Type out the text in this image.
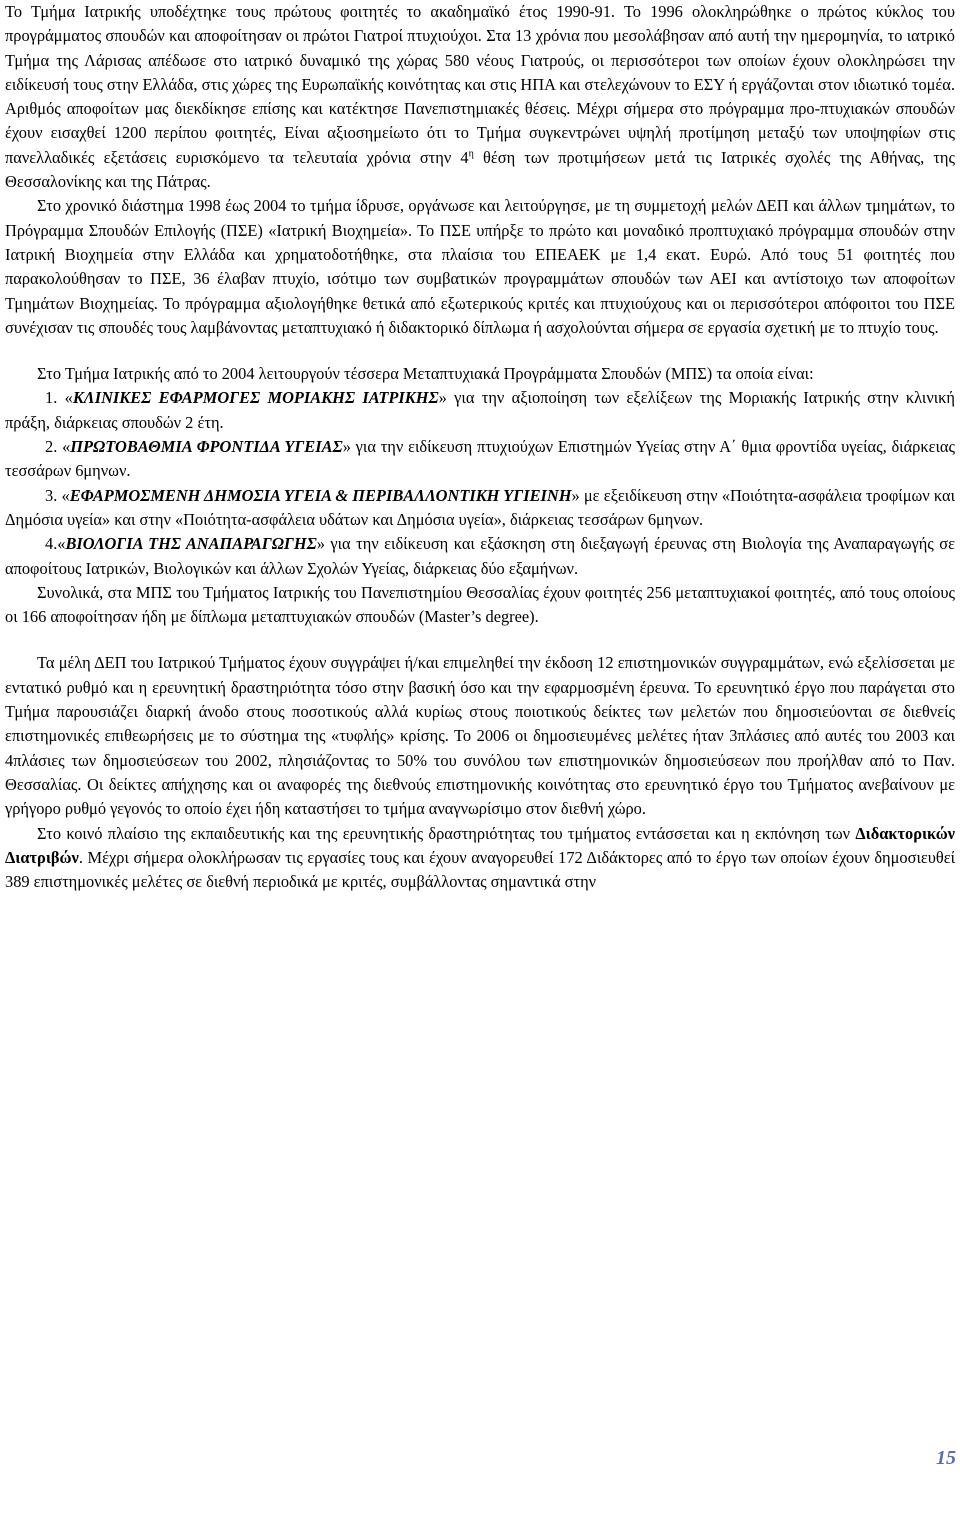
Το Τμήμα Ιατρικής υποδέχτηκε τους πρώτους φοιτητές το ακαδημαϊκό έτος 1990-91. Το 1996 ολοκληρώθηκε ο πρώτος κύκλος του προγράμματος σπουδών και αποφοίτησαν οι πρώτοι Γιατροί πτυχιούχοι. Στα 13 χρόνια που μεσολάβησαν από αυτή την ημερομηνία, το ιατρικό Τμήμα της Λάρισας απέδωσε στο ιατρικό δυναμικό της χώρας 580 νέους Γιατρούς, οι περισσότεροι των οποίων έχουν ολοκληρώσει την ειδίκευσή τους στην Ελλάδα, στις χώρες της Ευρωπαϊκής κοινότητας και στις ΗΠΑ και στελεχώνουν το ΕΣΥ ή εργάζονται στον ιδιωτικό τομέα. Αριθμός αποφοίτων μας διεκδίκησε επίσης και κατέκτησε Πανεπιστημιακές θέσεις. Μέχρι σήμερα στο πρόγραμμα προ-πτυχιακών σπουδών έχουν εισαχθεί 1200 περίπου φοιτητές, Είναι αξιοσημείωτο ότι το Τμήμα συγκεντρώνει υψηλή προτίμηση μεταξύ των υποψηφίων στις πανελλαδικές εξετάσεις ευρισκόμενο τα τελευταία χρόνια στην $4^\eta$ θέση των προτιμήσεων μετά τις Ιατρικές σχολές της Αθήνας, της Θεσσαλονίκης και της Πάτρας.

Στο χρονικό διάστημα 1998 έως 2004 το τμήμα ίδρυσε, οργάνωσε και λειτούργησε, με τη συμμετοχή μελών ΔΕΠ και άλλων τμημάτων, το Πρόγραμμα Σπουδών Επιλογής (ΠΣΕ) «Ιατρική Βιοχημεία». Το ΠΣΕ υπήρξε το πρώτο και μοναδικό προπτυχιακό πρόγραμμα σπουδών στην Ιατρική Βιοχημεία στην Ελλάδα και χρηματοδοτήθηκε, στα πλαίσια του ΕΠΕΑΕΚ με 1,4 εκατ. Ευρώ. Από τους 51 φοιτητές που παρακολούθησαν το ΠΣΕ, 36 έλαβαν πτυχίο, ισότιμο των συμβατικών προγραμμάτων σπουδών των ΑΕΙ και αντίστοιχο των αποφοίτων Τμημάτων Βιοχημείας. Το πρόγραμμα αξιολογήθηκε θετικά από εξωτερικούς κριτές και πτυχιούχους και οι περισσότεροι απόφοιτοι του ΠΣΕ συνέχισαν τις σπουδές τους λαμβάνοντας μεταπτυχιακό ή διδακτορικό δίπλωμα ή ασχολούνται σήμερα σε εργασία σχετική με το πτυχίο τους.

Στο Τμήμα Ιατρικής από το 2004 λειτουργούν τέσσερα Μεταπτυχιακά Προγράμματα Σπουδών (ΜΠΣ) τα οποία είναι:

1. «ΚΛΙΝΙΚΕΣ ΕΦΑΡΜΟΓΕΣ ΜΟΡΙΑΚΗΣ ΙΑΤΡΙΚΗΣ» για την αξιοποίηση των εξελίξεων της Μοριακής Ιατρικής στην κλινική πράξη, διάρκειας σπουδών 2 έτη.

2. «ΠΡΩΤΟΒΑΘΜΙΑ ΦΡΟΝΤΙΔΑ ΥΓΕΙΑΣ» για την ειδίκευση πτυχιούχων Επιστημών Υγείας στην Α΄ θμια φροντίδα υγείας, διάρκειας τεσσάρων 6μηνων.

3. «ΕΦΑΡΜΟΣΜΕΝΗ ΔΗΜΟΣΙΑ ΥΓΕΙΑ & ΠΕΡΙΒΑΛΛΟΝΤΙΚΗ ΥΓΙΕΙΝΗ» με εξειδίκευση στην «Ποιότητα-ασφάλεια τροφίμων και Δημόσια υγεία» και στην «Ποιότητα-ασφάλεια υδάτων και Δημόσια υγεία», διάρκειας τεσσάρων 6μηνων.

4.«ΒΙΟΛΟΓΙΑ ΤΗΣ ΑΝΑΠΑΡΑΓΩΓΗΣ» για την ειδίκευση και εξάσκηση στη διεξαγωγή έρευνας στη Βιολογία της Αναπαραγωγής σε αποφοίτους Ιατρικών, Βιολογικών και άλλων Σχολών Υγείας, διάρκειας δύο εξαμήνων.

Συνολικά, στα ΜΠΣ του Τμήματος Ιατρικής του Πανεπιστημίου Θεσσαλίας έχουν φοιτητές 256 μεταπτυχιακοί φοιτητές, από τους οποίους οι 166 αποφοίτησαν ήδη με δίπλωμα μεταπτυχιακών σπουδών (Master’s degree).

Τα μέλη ΔΕΠ του Ιατρικού Τμήματος έχουν συγγράψει ή/και επιμεληθεί την έκδοση 12 επιστημονικών συγγραμμάτων, ενώ εξελίσσεται με εντατικό ρυθμό και η ερευνητική δραστηριότητα τόσο στην βασική όσο και την εφαρμοσμένη έρευνα. Το ερευνητικό έργο που παράγεται στο Τμήμα παρουσιάζει διαρκή άνοδο στους ποσοτικούς αλλά κυρίως στους ποιοτικούς δείκτες των μελετών που δημοσιεύονται σε διεθνείς επιστημονικές επιθεωρήσεις με το σύστημα της «τυφλής» κρίσης. Το 2006 οι δημοσιευμένες μελέτες ήταν 3πλάσιες από αυτές του 2003 και 4πλάσιες των δημοσιεύσεων του 2002, πλησιάζοντας το 50% του συνόλου των επιστημονικών δημοσιεύσεων που προήλθαν από το Παν. Θεσσαλίας. Οι δείκτες απήχησης και οι αναφορές της διεθνούς επιστημονικής κοινότητας στο ερευνητικό έργο του Τμήματος ανεβαίνουν με γρήγορο ρυθμό γεγονός το οποίο έχει ήδη καταστήσει το τμήμα αναγνωρίσιμο στον διεθνή χώρο.

Στο κοινό πλαίσιο της εκπαιδευτικής και της ερευνητικής δραστηριότητας του τμήματος εντάσσεται και η εκπόνηση των Διδακτορικών Διατριβών. Μέχρι σήμερα ολοκλήρωσαν τις εργασίες τους και έχουν αναγορευθεί 172 Διδάκτορες από το έργο των οποίων έχουν δημοσιευθεί 389 επιστημονικές μελέτες σε διεθνή περιοδικά με κριτές, συμβάλλοντας σημαντικά στην

15
